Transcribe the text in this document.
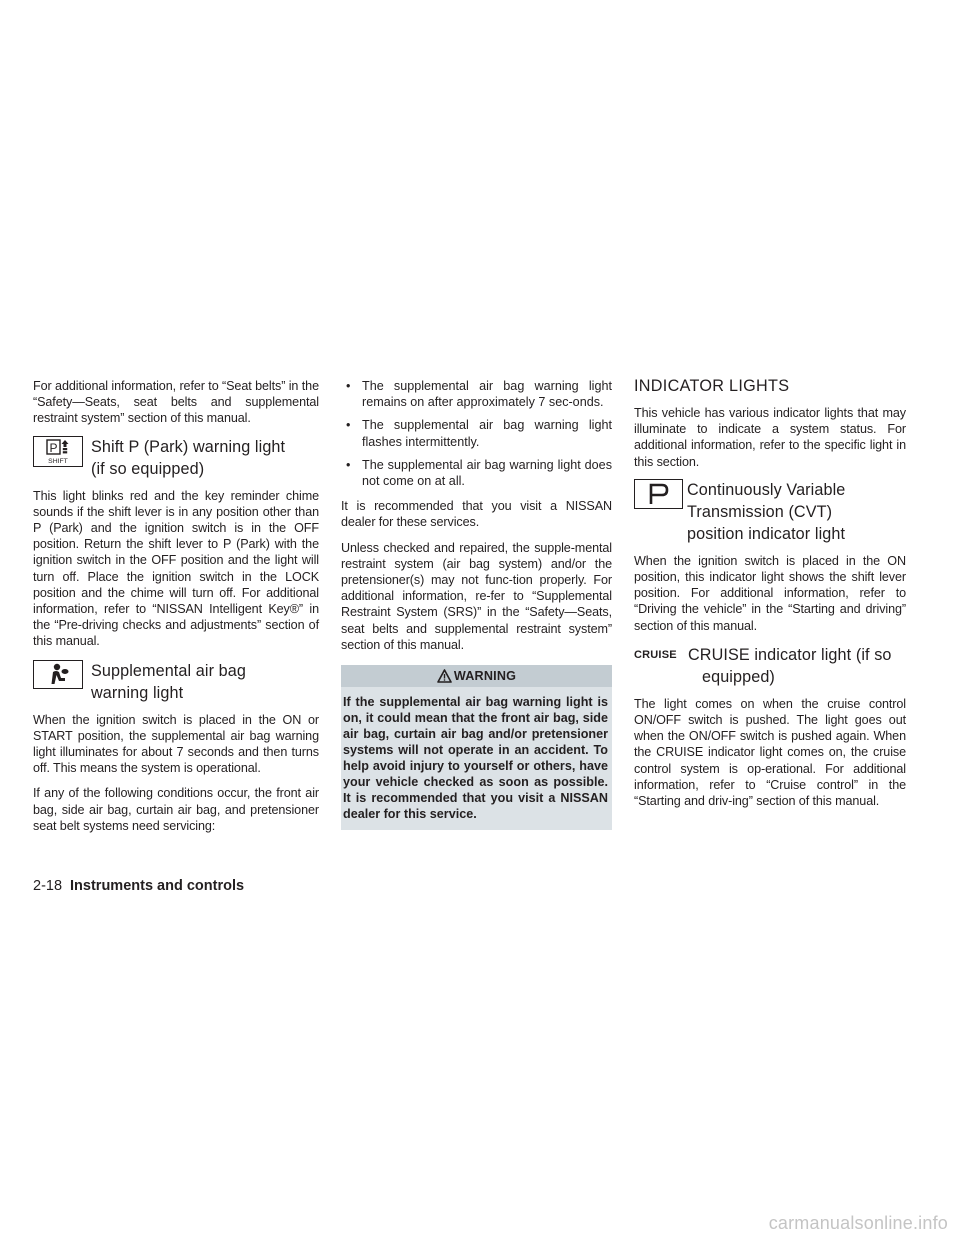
For additional information, refer to “Seat belts” in the “Safety—Seats, seat belts and supplemental restraint system” section of this manual.

P
SHIFT
Shift P (Park) warning light
(if so equipped)

This light blinks red and the key reminder chime sounds if the shift lever is in any position other than P (Park) and the ignition switch is in the OFF position. Return the shift lever to P (Park) with the ignition switch in the OFF position and the light will turn off. Place the ignition switch in the LOCK position and the chime will turn off. For additional information, refer to “NISSAN Intelligent Key®” in the “Pre-driving checks and adjustments” section of this manual.

Supplemental air bag
warning light

When the ignition switch is placed in the ON or START position, the supplemental air bag warning light illuminates for about 7 seconds and then turns off. This means the system is operational.

If any of the following conditions occur, the front air bag, side air bag, curtain air bag, and pretensioner seat belt systems need servicing:

• The supplemental air bag warning light remains on after approximately 7 sec-onds.
• The supplemental air bag warning light flashes intermittently.
• The supplemental air bag warning light does not come on at all.

It is recommended that you visit a NISSAN dealer for these services.

Unless checked and repaired, the supple-mental restraint system (air bag system) and/or the pretensioner(s) may not func-tion properly. For additional information, re-fer to “Supplemental Restraint System (SRS)” in the “Safety—Seats, seat belts and supplemental restraint system” section of this manual.

WARNING

If the supplemental air bag warning light is on, it could mean that the front air bag, side air bag, curtain air bag and/or pretensioner systems will not operate in an accident. To help avoid injury to yourself or others, have your vehicle checked as soon as possible. It is recommended that you visit a NISSAN dealer for this service.

INDICATOR LIGHTS

This vehicle has various indicator lights that may illuminate to indicate a system status. For additional information, refer to the specific light in this section.

Continuously Variable
Transmission (CVT)
position indicator light

When the ignition switch is placed in the ON position, this indicator light shows the shift lever position. For additional information, refer to “Driving the vehicle” in the “Starting and driving” section of this manual.

CRUISE CRUISE indicator light (if so
equipped)

The light comes on when the cruise control ON/OFF switch is pushed. The light goes out when the ON/OFF switch is pushed again. When the CRUISE indicator light comes on, the cruise control system is op-erational. For additional information, refer to “Cruise control” in the “Starting and driv-ing” section of this manual.

2-18 Instruments and controls
carmanualsonline.info
